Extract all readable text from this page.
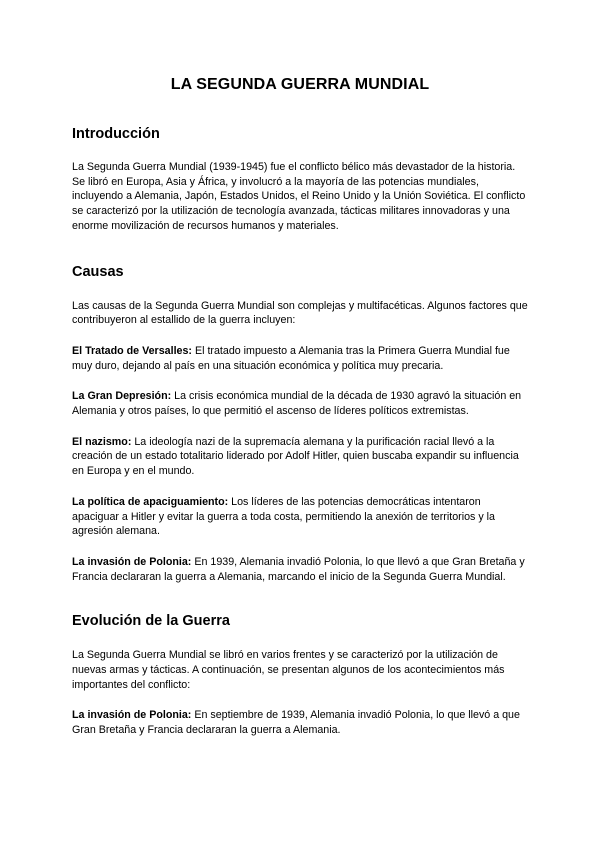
LA SEGUNDA GUERRA MUNDIAL
Introducción

La Segunda Guerra Mundial (1939-1945) fue el conflicto bélico más devastador de la historia. Se libró en Europa, Asia y África, y involucró a la mayoría de las potencias mundiales, incluyendo a Alemania, Japón, Estados Unidos, el Reino Unido y la Unión Soviética. El conflicto se caracterizó por la utilización de tecnología avanzada, tácticas militares innovadoras y una enorme movilización de recursos humanos y materiales.

Causas

Las causas de la Segunda Guerra Mundial son complejas y multifacéticas. Algunos factores que contribuyeron al estallido de la guerra incluyen:

El Tratado de Versalles: El tratado impuesto a Alemania tras la Primera Guerra Mundial fue muy duro, dejando al país en una situación económica y política muy precaria.

La Gran Depresión: La crisis económica mundial de la década de 1930 agravó la situación en Alemania y otros países, lo que permitió el ascenso de líderes políticos extremistas.

El nazismo: La ideología nazi de la supremacía alemana y la purificación racial llevó a la creación de un estado totalitario liderado por Adolf Hitler, quien buscaba expandir su influencia en Europa y en el mundo.

La política de apaciguamiento: Los líderes de las potencias democráticas intentaron apaciguar a Hitler y evitar la guerra a toda costa, permitiendo la anexión de territorios y la agresión alemana.

La invasión de Polonia: En 1939, Alemania invadió Polonia, lo que llevó a que Gran Bretaña y Francia declararan la guerra a Alemania, marcando el inicio de la Segunda Guerra Mundial.

Evolución de la Guerra

La Segunda Guerra Mundial se libró en varios frentes y se caracterizó por la utilización de nuevas armas y tácticas. A continuación, se presentan algunos de los acontecimientos más importantes del conflicto:

La invasión de Polonia: En septiembre de 1939, Alemania invadió Polonia, lo que llevó a que Gran Bretaña y Francia declararan la guerra a Alemania.
